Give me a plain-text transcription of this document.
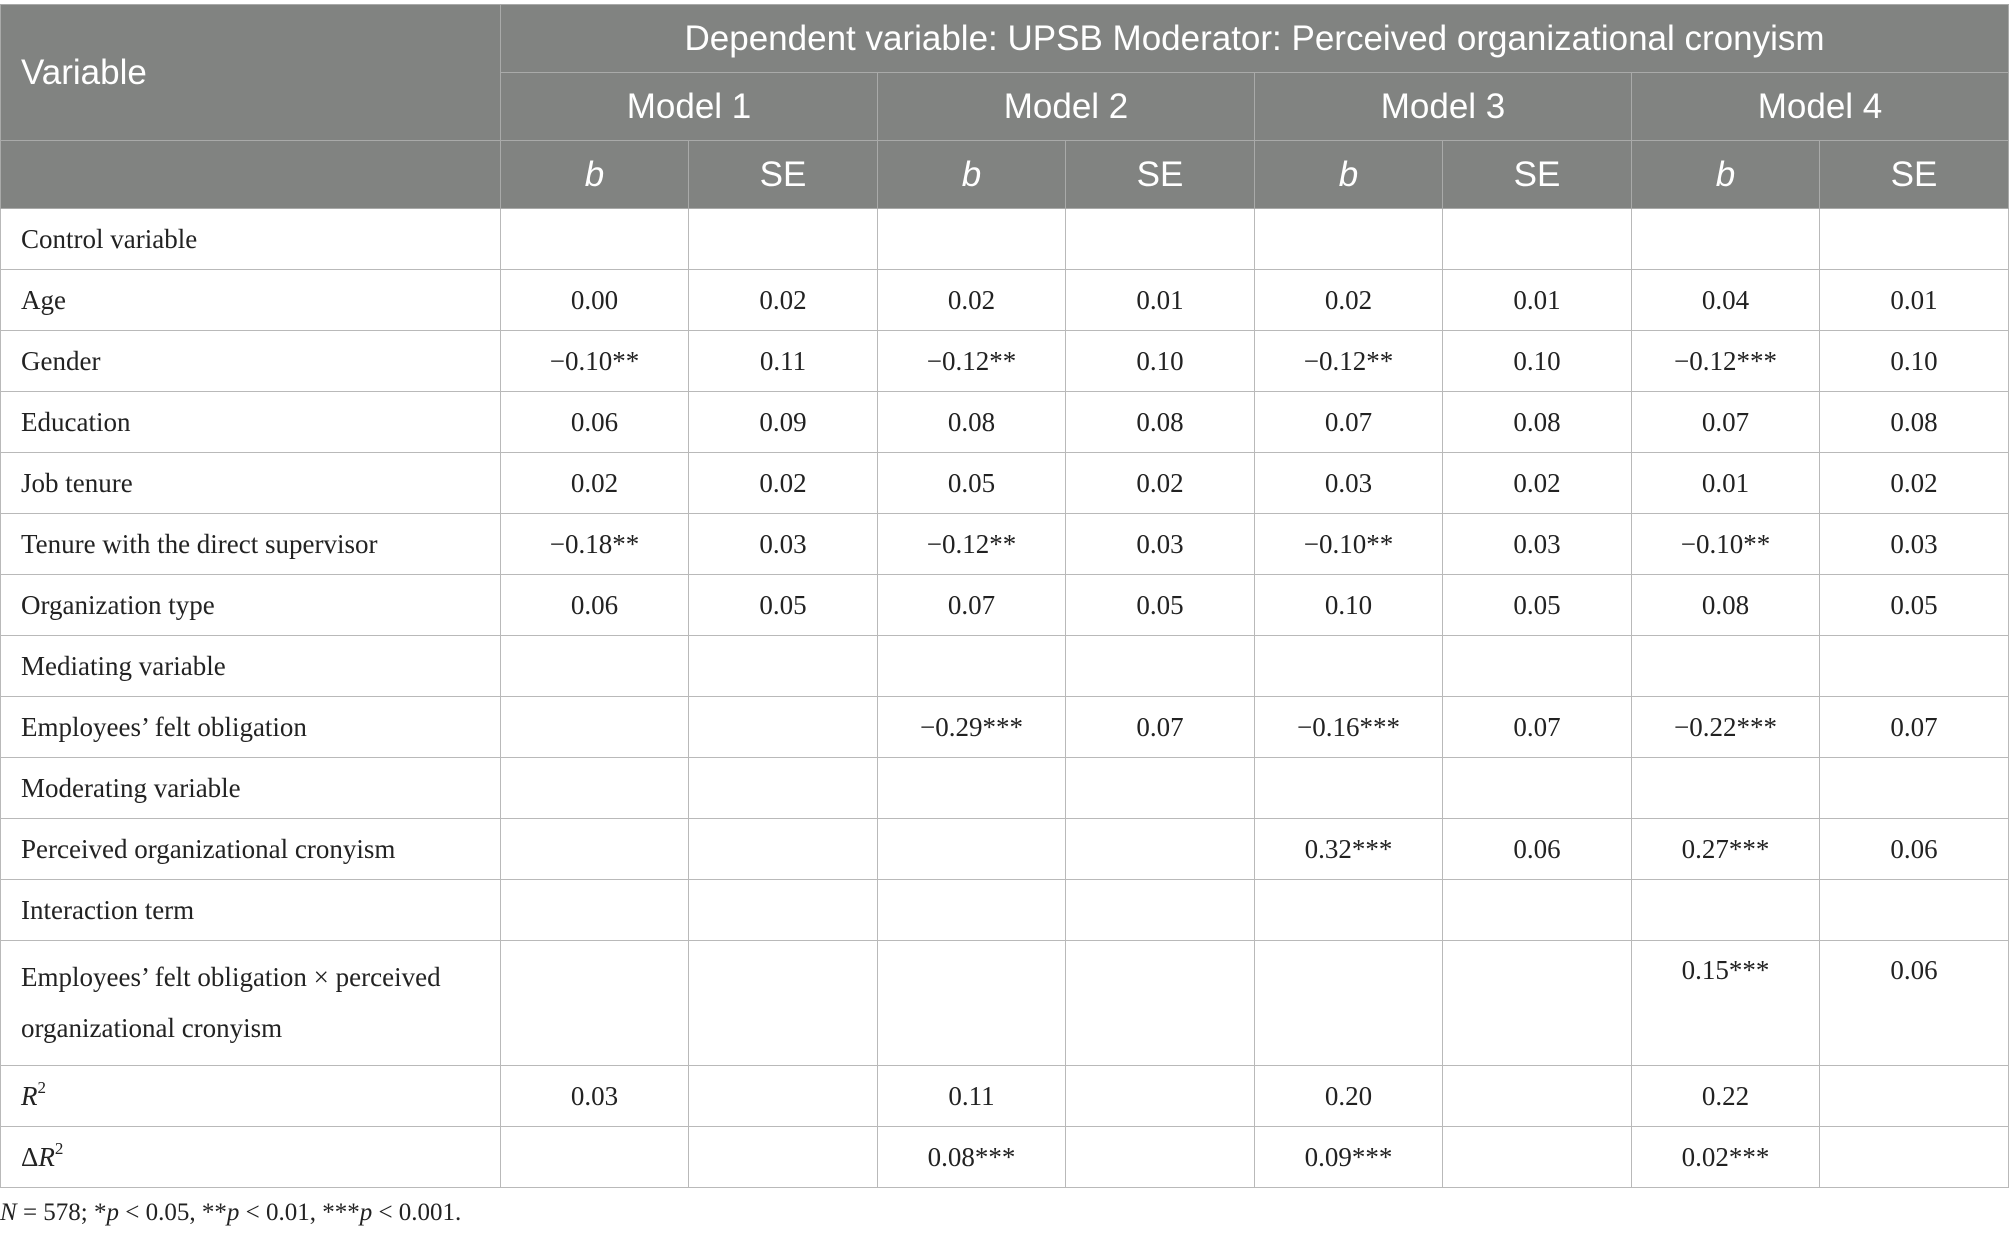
Variable	Dependent variable: UPSB Moderator: Perceived organizational cronyism							
	Model 1		Model 2		Model 3		Model 4	
	b	SE	b	SE	b	SE	b	SE
Control variable								
Age	0.00	0.02	0.02	0.01	0.02	0.01	0.04	0.01
Gender	−0.10**	0.11	−0.12**	0.10	−0.12**	0.10	−0.12***	0.10
Education	0.06	0.09	0.08	0.08	0.07	0.08	0.07	0.08
Job tenure	0.02	0.02	0.05	0.02	0.03	0.02	0.01	0.02
Tenure with the direct supervisor	−0.18**	0.03	−0.12**	0.03	−0.10**	0.03	−0.10**	0.03
Organization type	0.06	0.05	0.07	0.05	0.10	0.05	0.08	0.05
Mediating variable								
Employees’ felt obligation			−0.29***	0.07	−0.16***	0.07	−0.22***	0.07
Moderating variable								
Perceived organizational cronyism					0.32***	0.06	0.27***	0.06
Interaction term								
Employees’ felt obligation × perceived
organizational cronyism							0.15***	0.06
$R^2$	0.03		0.11		0.20		0.22	
$\Delta R^2$			0.08***		0.09***		0.02***	
N = 578; *p < 0.05, **p < 0.01, ***p < 0.001.
